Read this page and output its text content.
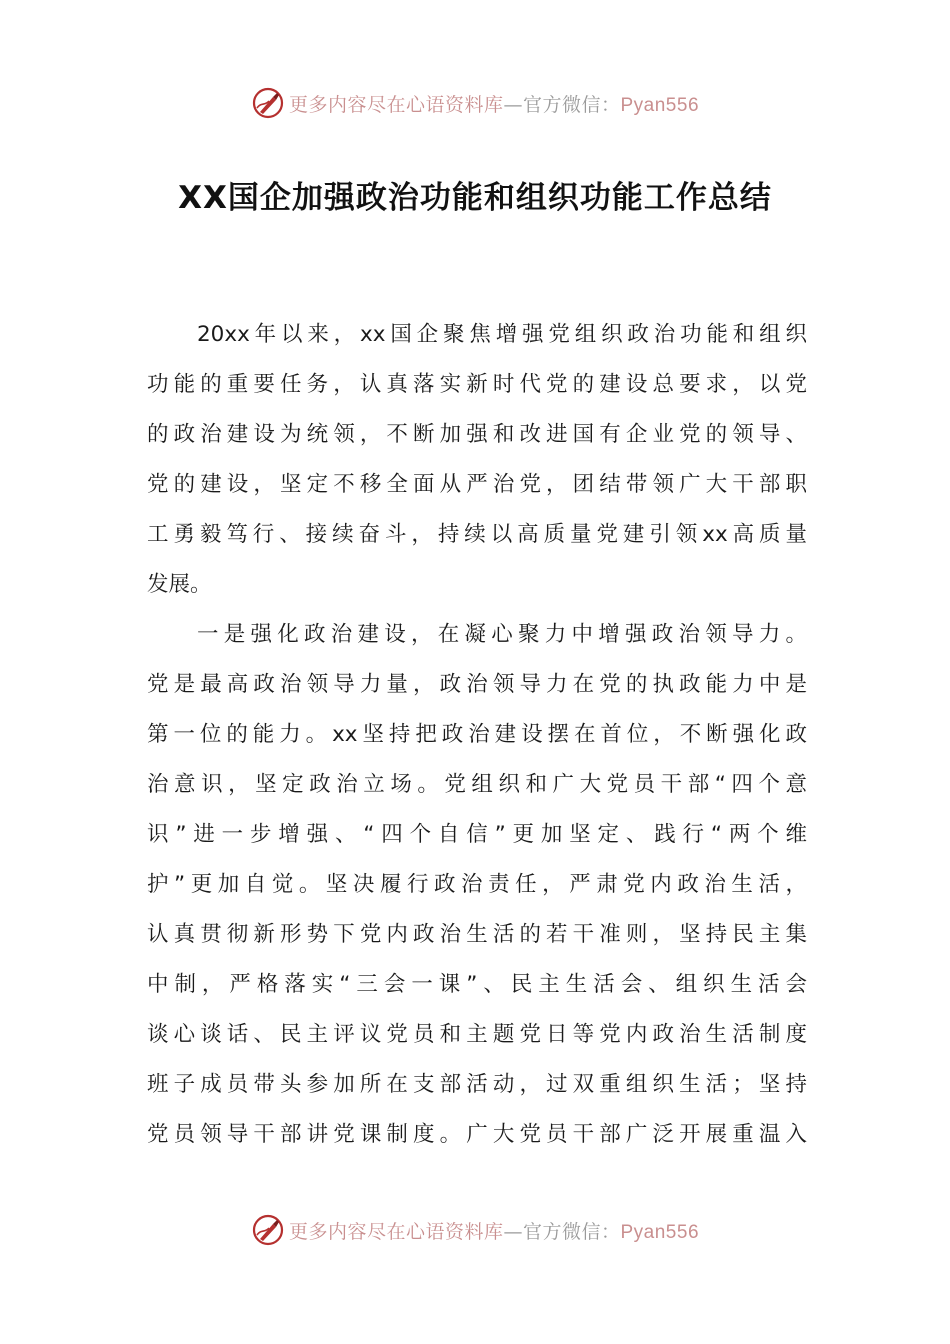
更多内容尽在心语资料库—官方微信：Pyan556
XX国企加强政治功能和组织功能工作总结
20xx年以来，xx国企聚焦增强党组织政治功能和组织
功能的重要任务，认真落实新时代党的建设总要求，以党
的政治建设为统领，不断加强和改进国有企业党的领导、
党的建设，坚定不移全面从严治党，团结带领广大干部职
工勇毅笃行、接续奋斗，持续以高质量党建引领xx高质量
发展。
一是强化政治建设，在凝心聚力中增强政治领导力。
党是最高政治领导力量，政治领导力在党的执政能力中是
第一位的能力。xx坚持把政治建设摆在首位，不断强化政
治意识，坚定政治立场。党组织和广大党员干部“四个意
识”进一步增强、“四个自信”更加坚定、践行“两个维
护”更加自觉。坚决履行政治责任，严肃党内政治生活，
认真贯彻新形势下党内政治生活的若干准则，坚持民主集
中制，严格落实“三会一课”、民主生活会、组织生活会
谈心谈话、民主评议党员和主题党日等党内政治生活制度
班子成员带头参加所在支部活动，过双重组织生活；坚持
党员领导干部讲党课制度。广大党员干部广泛开展重温入
更多内容尽在心语资料库—官方微信：Pyan556
